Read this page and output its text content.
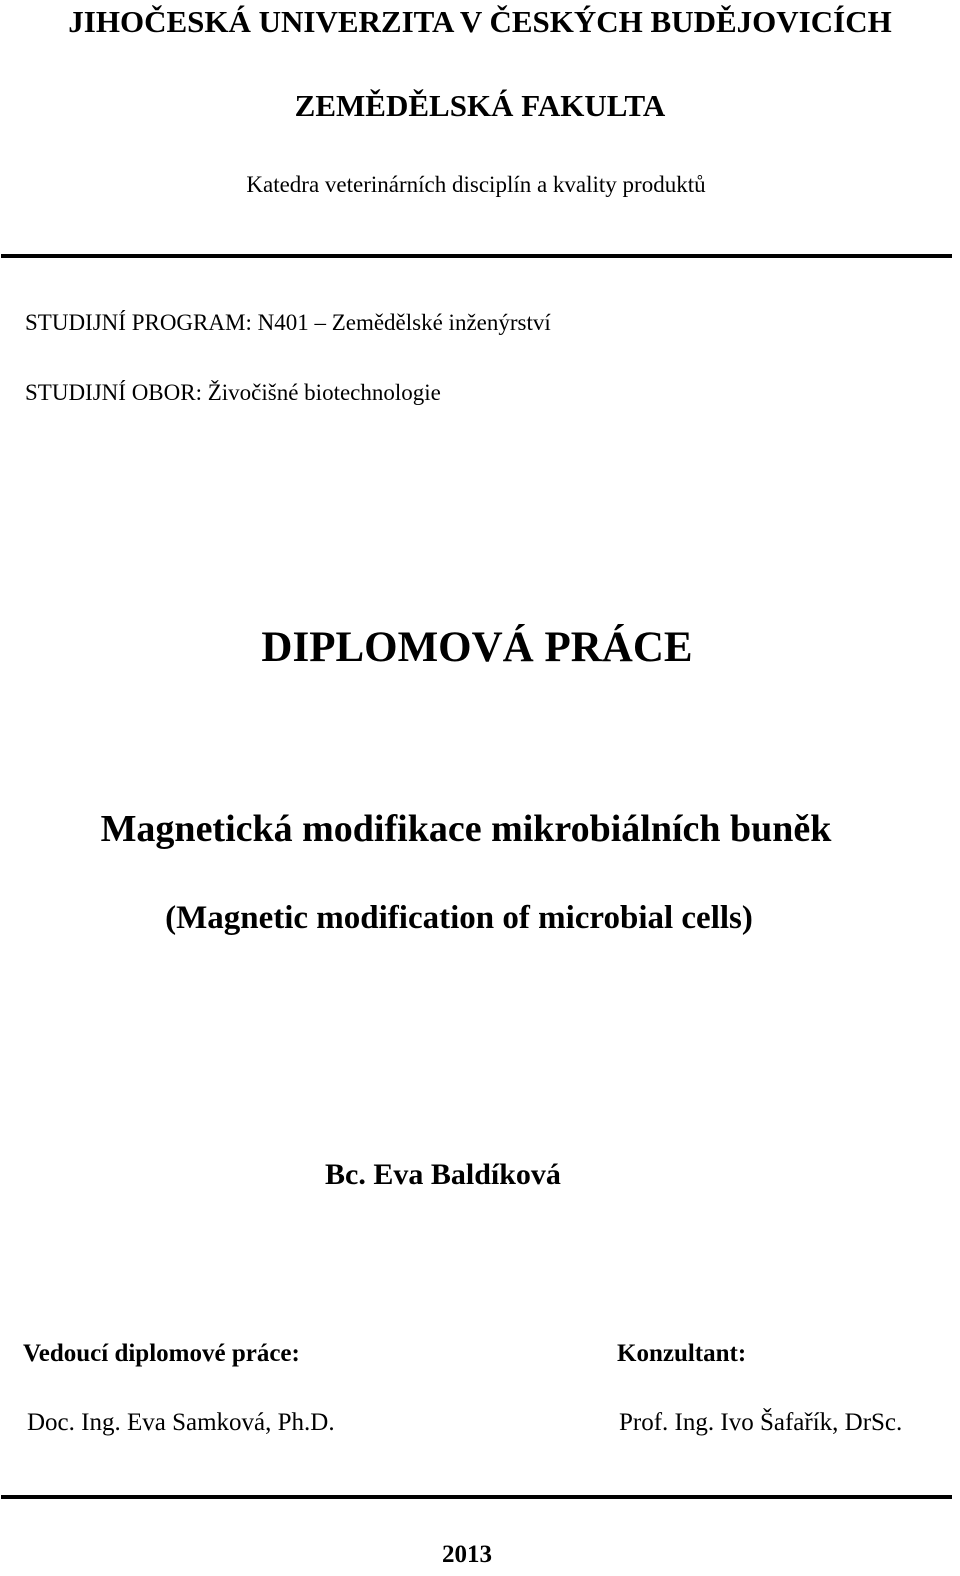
JIHOČESKÁ UNIVERZITA V ČESKÝCH BUDĚJOVICÍCH
ZEMĚDĚLSKÁ FAKULTA
Katedra veterinárních disciplín a kvality produktů
STUDIJNÍ PROGRAM: N401 – Zemědělské inženýrství
STUDIJNÍ OBOR: Živočišné biotechnologie
DIPLOMOVÁ PRÁCE
Magnetická modifikace mikrobiálních buněk
(Magnetic modification of microbial cells)
Bc. Eva Baldíková
Vedoucí diplomové práce:
Doc. Ing. Eva Samková, Ph.D.
Konzultant:
Prof. Ing. Ivo Šafařík, DrSc.
2013
